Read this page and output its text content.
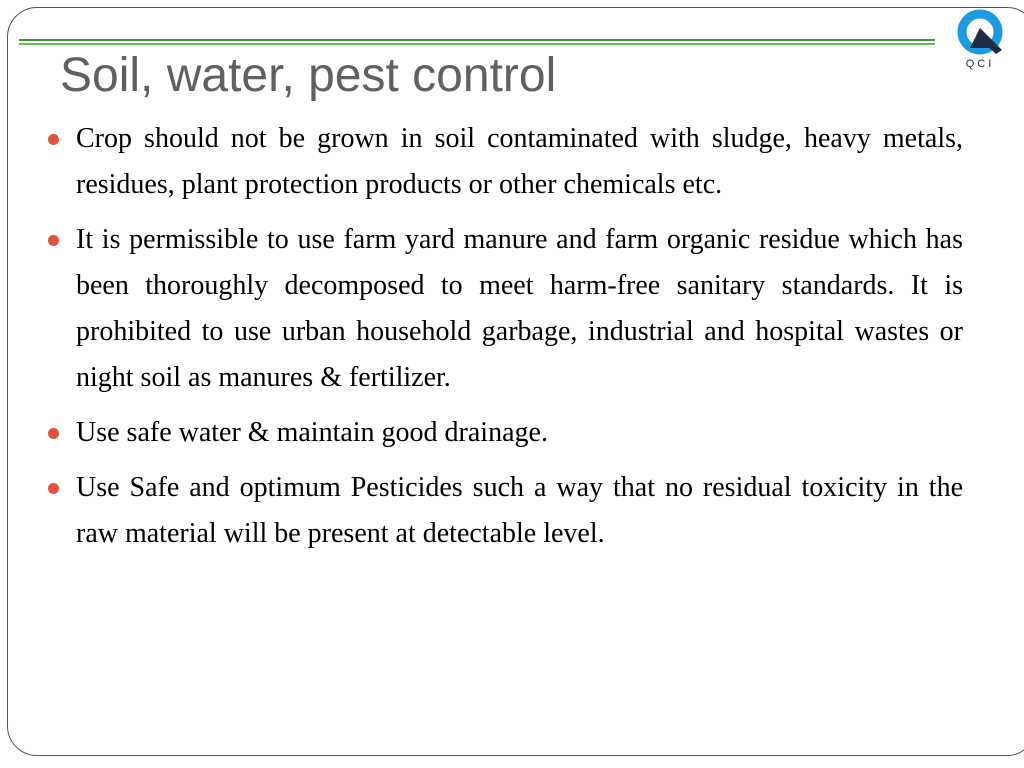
QCI
Soil, water, pest control
Crop should not be grown in soil contaminated with sludge, heavy metals, residues, plant protection products or other chemicals etc.
It is permissible to use farm yard manure and farm organic residue which has been thoroughly decomposed to meet harm-free sanitary standards. It is prohibited to use urban household garbage, industrial and hospital wastes or night soil as manures & fertilizer.
Use safe water & maintain good drainage.
Use Safe and optimum Pesticides such a way that no residual toxicity in the raw material will be present at detectable level.
